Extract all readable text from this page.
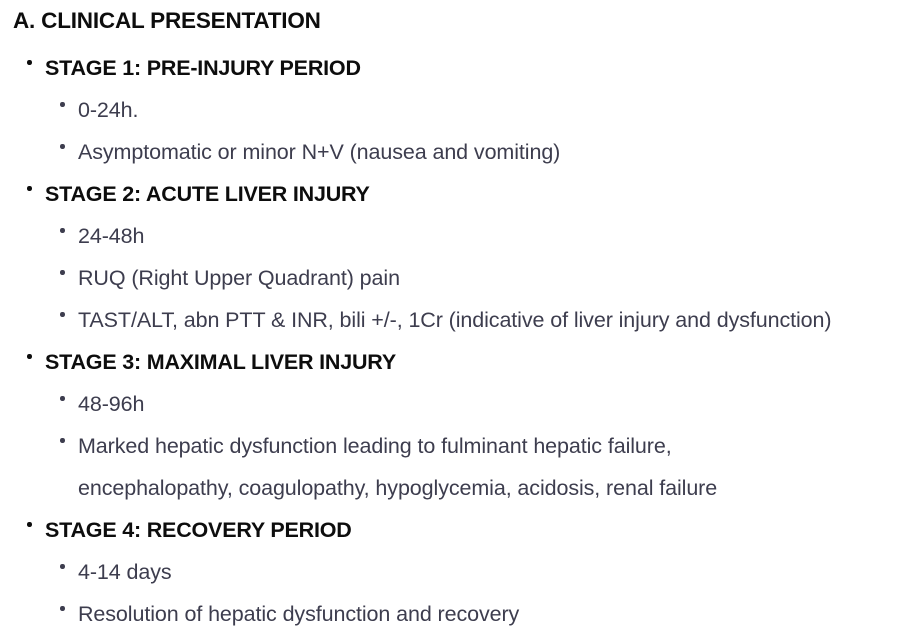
A. CLINICAL PRESENTATION
STAGE 1: PRE-INJURY PERIOD
0-24h.
Asymptomatic or minor N+V (nausea and vomiting)
STAGE 2: ACUTE LIVER INJURY
24-48h
RUQ (Right Upper Quadrant) pain
TAST/ALT, abn PTT & INR, bili +/-, 1Cr (indicative of liver injury and dysfunction)
STAGE 3: MAXIMAL LIVER INJURY
48-96h
Marked hepatic dysfunction leading to fulminant hepatic failure,
encephalopathy, coagulopathy, hypoglycemia, acidosis, renal failure
STAGE 4: RECOVERY PERIOD
4-14 days
Resolution of hepatic dysfunction and recovery
